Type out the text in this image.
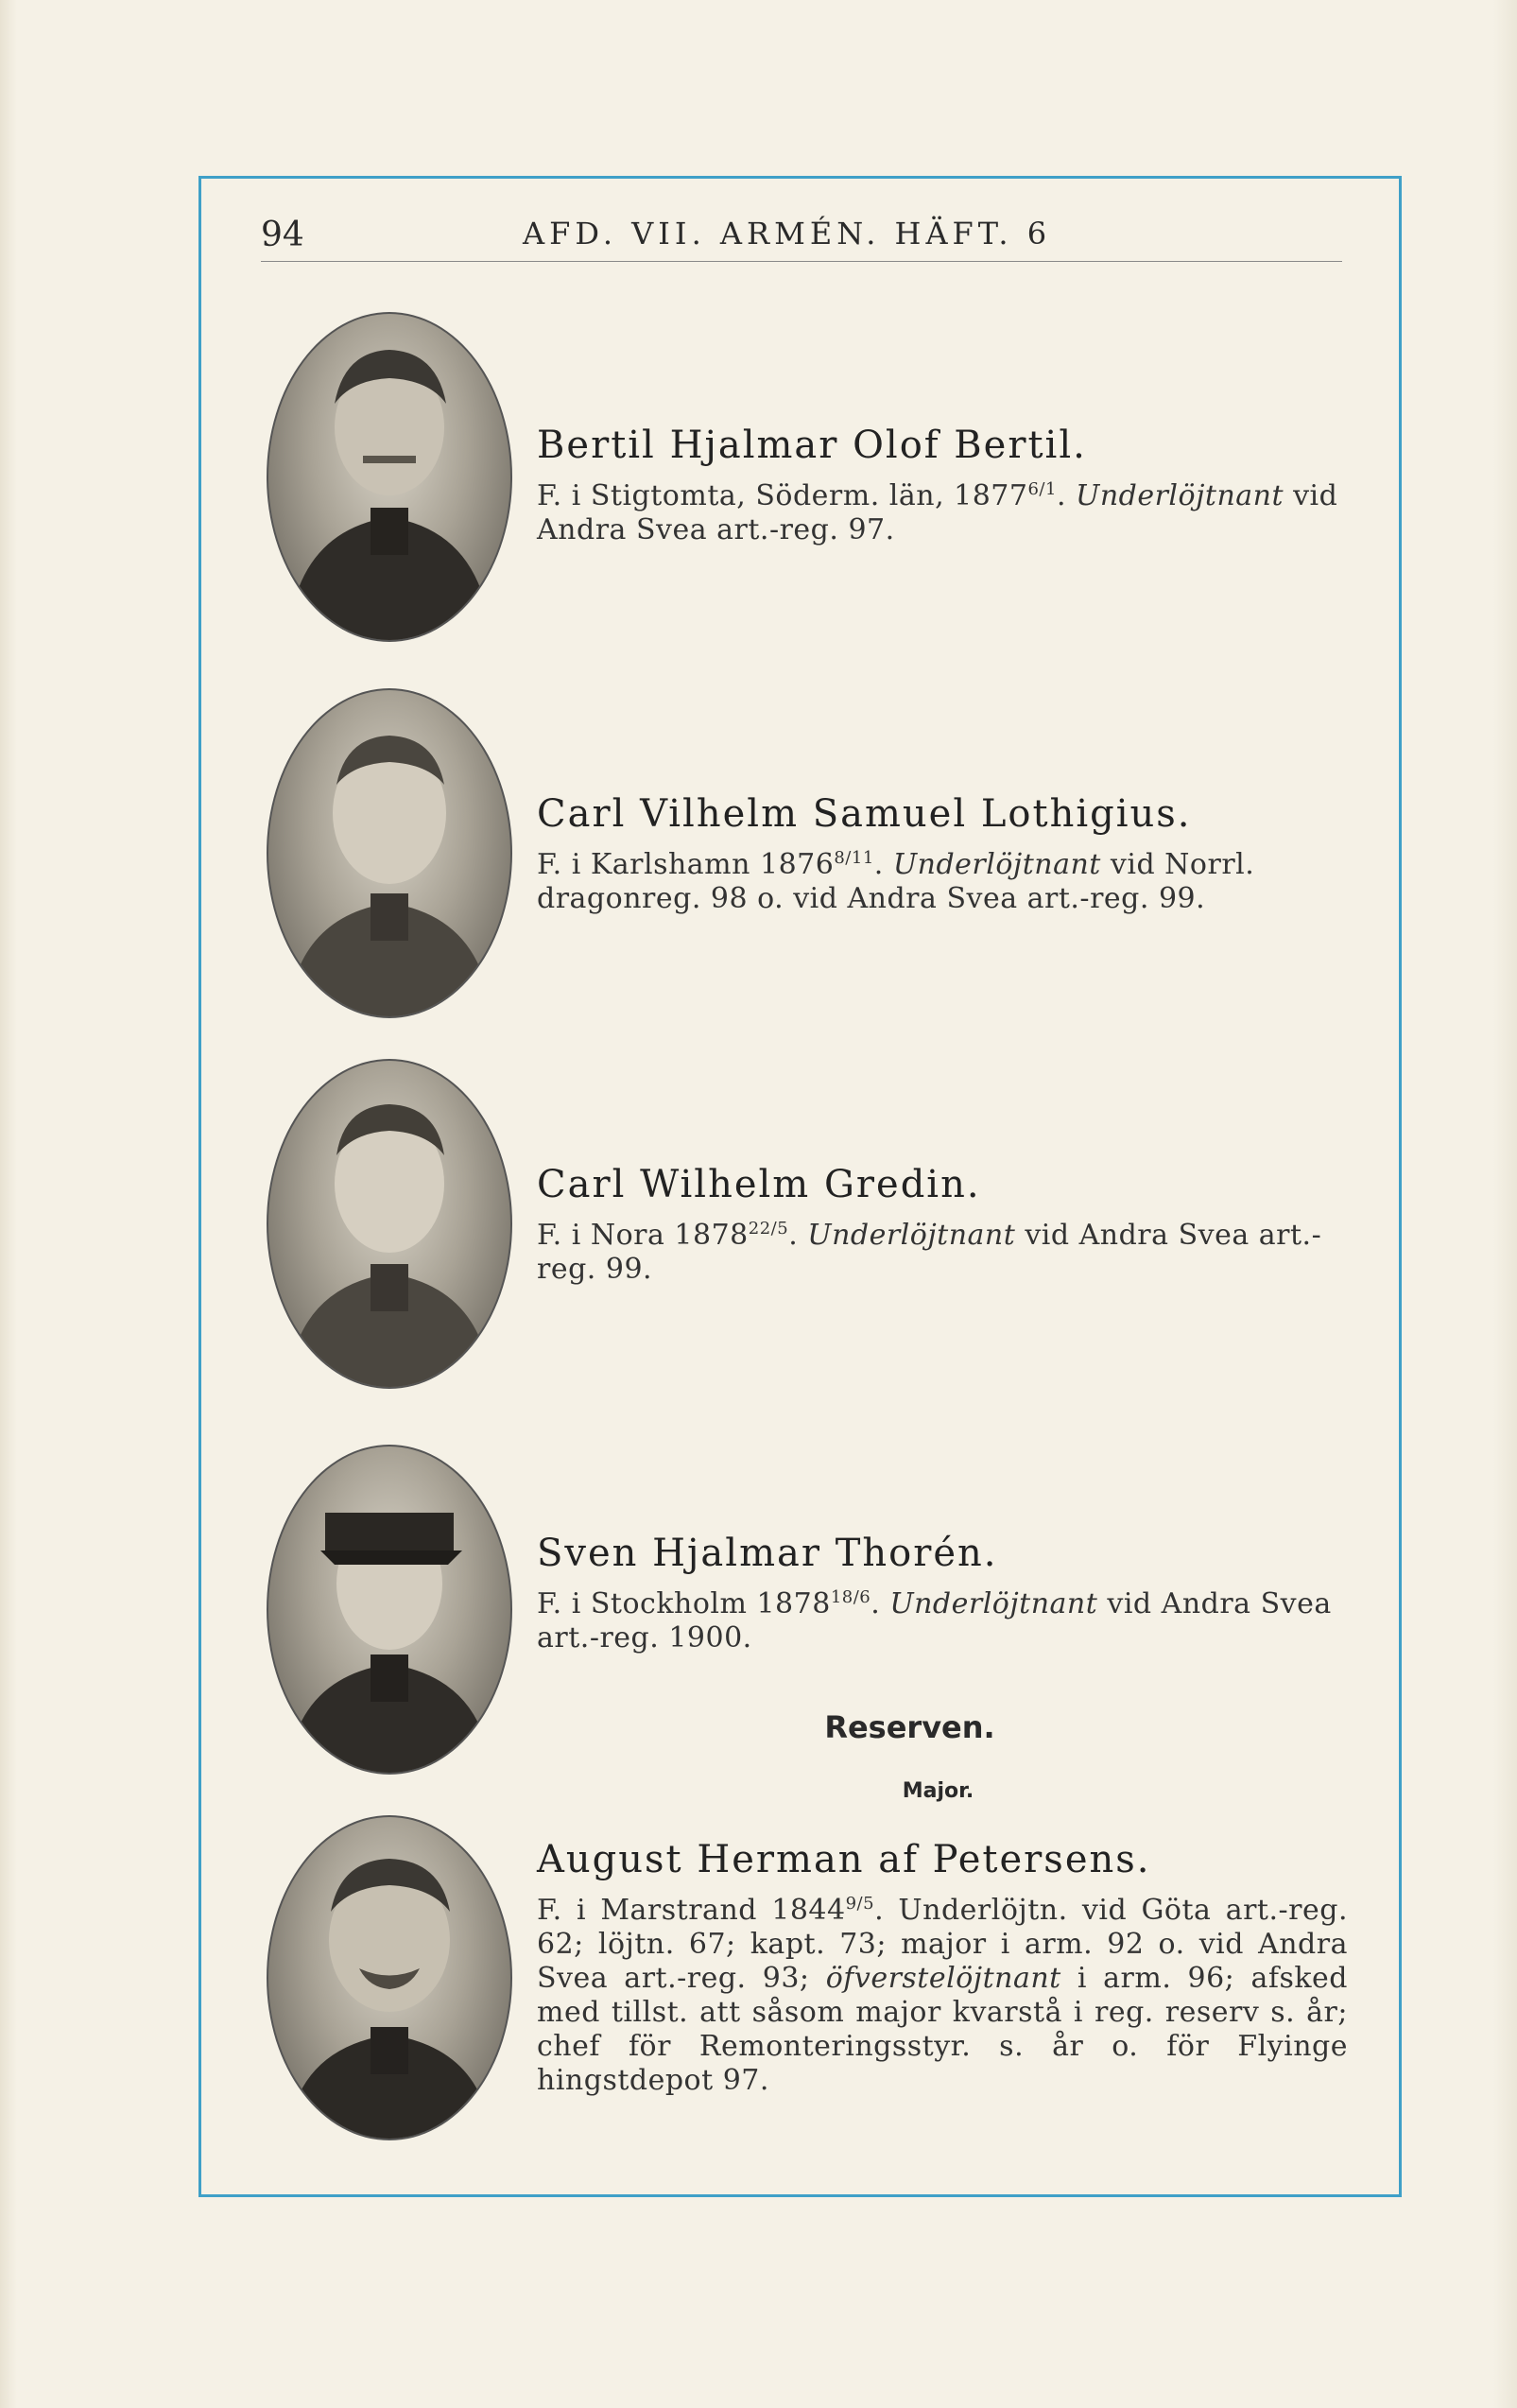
94	AFD. VII. ARMÉN. HÄFT. 6
Bertil Hjalmar Olof Bertil.
F. i Stigtomta, Söderm. län, $1877^{6/1}$. Underlöjtnant vid Andra Svea art.-reg. 97.
Carl Vilhelm Samuel Lothigius.
F. i Karlshamn $1876^{8/11}$. Underlöjtnant vid Norrl. dragonreg. 98 o. vid Andra Svea art.-reg. 99.
Carl Wilhelm Gredin.
F. i Nora $1878^{22/5}$. Underlöjtnant vid Andra Svea art.-reg. 99.
Sven Hjalmar Thorén.
F. i Stockholm $1878^{18/6}$. Underlöjtnant vid Andra Svea art.-reg. 1900.
Reserven.
Major.
August Herman af Petersens.
F. i Marstrand $1844^{9/5}$. Underlöjtn. vid Göta art.-reg. 62; löjtn. 67; kapt. 73; major i arm. 92 o. vid Andra Svea art.-reg. 93; öfverstelöjtnant i arm. 96; afsked med tillst. att såsom major kvarstå i reg. reserv s. år; chef för Remonteringsstyr. s. år o. för Flyinge hingstdepot 97.
